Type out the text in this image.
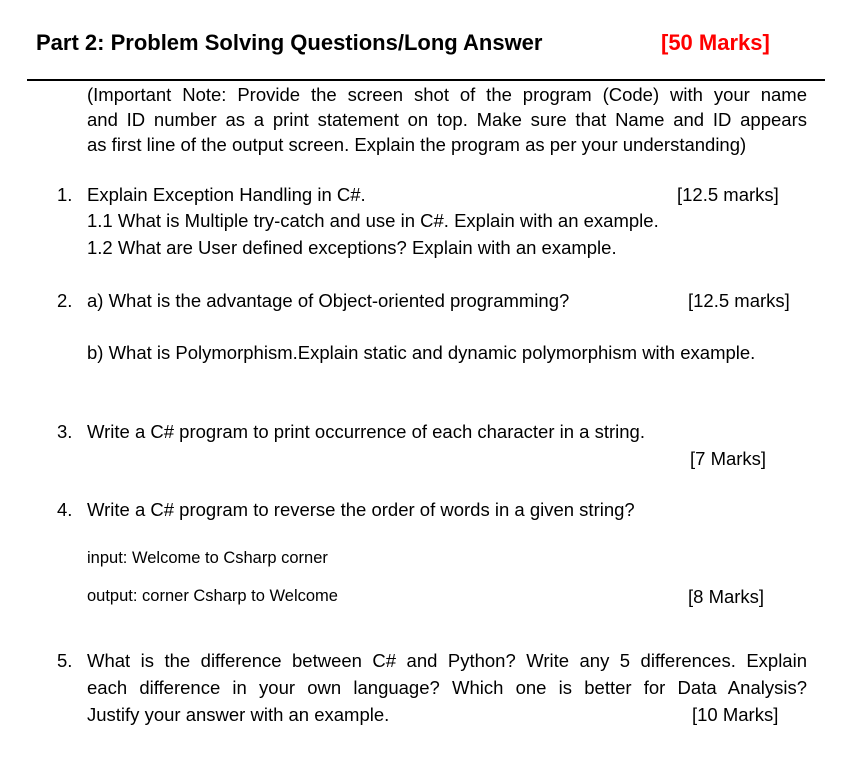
Part 2: Problem Solving Questions/Long Answer	[50 Marks]
(Important Note: Provide the screen shot of the program (Code) with your name
and ID number as a print statement on top. Make sure that Name and ID appears
as first line of the output screen. Explain the program as per your understanding)
1. Explain Exception Handling in C#.	[12.5 marks]
1.1 What is Multiple try-catch and use in C#. Explain with an example.
1.2 What are User defined exceptions? Explain with an example.
2. a) What is the advantage of Object-oriented programming?	[12.5 marks]
b) What is Polymorphism.Explain static and dynamic polymorphism with example.
3. Write a C# program to print occurrence of each character in a string.
[7 Marks]
4. Write a C# program to reverse the order of words in a given string?
input: Welcome to Csharp corner
output: corner Csharp to Welcome	[8 Marks]
5. What is the difference between C# and Python? Write any 5 differences. Explain
each difference in your own language? Which one is better for Data Analysis?
Justify your answer with an example.	[10 Marks]
